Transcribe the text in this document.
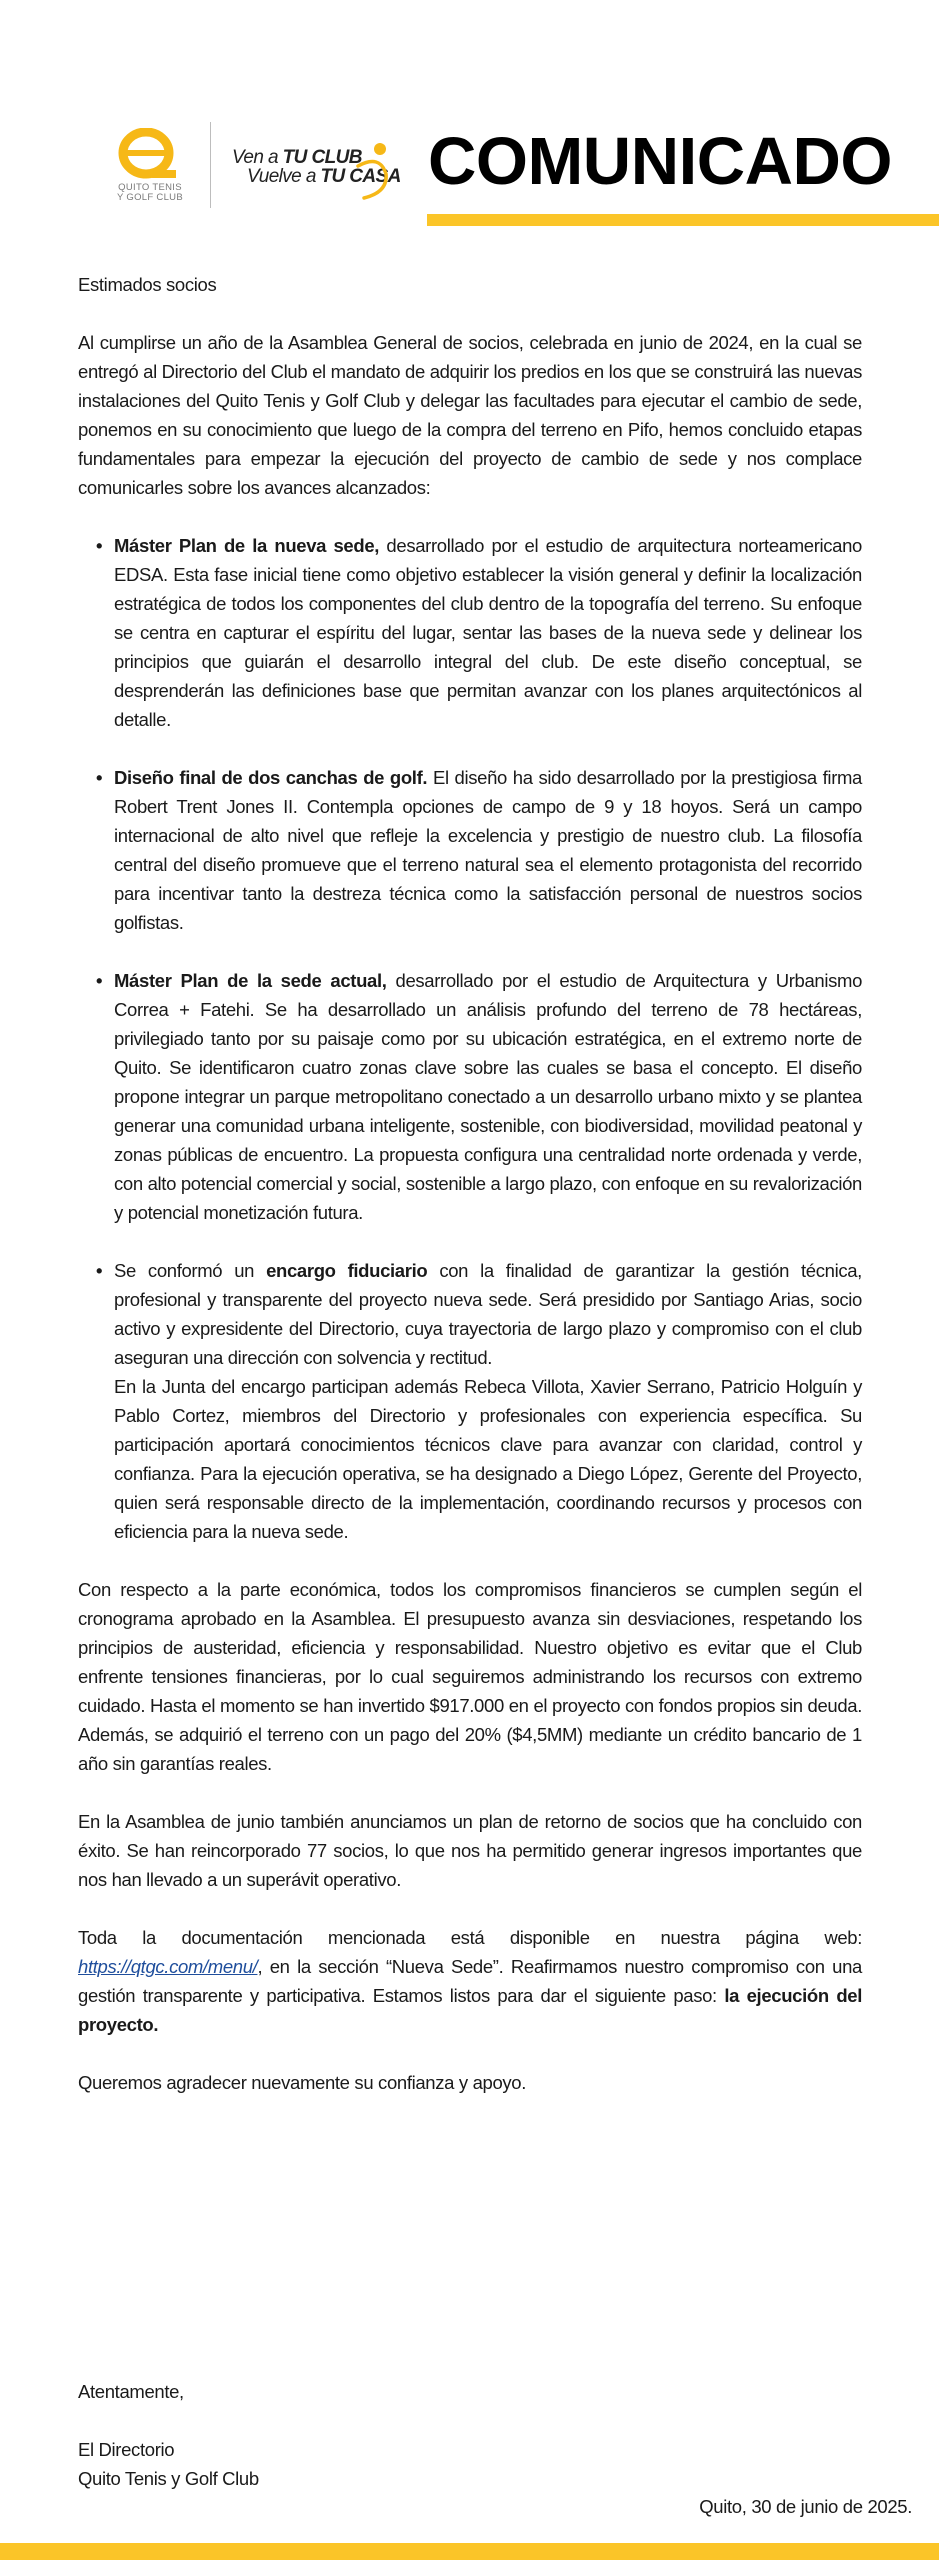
QUITO TENIS
Y GOLF CLUB
Ven a TU CLUB
Vuelve a TU CASA COMUNICADO

Estimados socios

Al cumplirse un año de la Asamblea General de socios, celebrada en junio de 2024, en la cual se entregó al Directorio del Club el mandato de adquirir los predios en los que se construirá las nuevas instalaciones del Quito Tenis y Golf Club y delegar las facultades para ejecutar el cambio de sede, ponemos en su conocimiento que luego de la compra del terreno en Pifo, hemos concluido etapas fundamentales para empezar la ejecución del proyecto de cambio de sede y nos complace comunicarles sobre los avances alcanzados:

• Máster Plan de la nueva sede, desarrollado por el estudio de arquitectura norteamericano EDSA. Esta fase inicial tiene como objetivo establecer la visión general y definir la localización estratégica de todos los componentes del club dentro de la topografía del terreno. Su enfoque se centra en capturar el espíritu del lugar, sentar las bases de la nueva sede y delinear los principios que guiarán el desarrollo integral del club. De este diseño conceptual, se desprenderán las definiciones base que permitan avanzar con los planes arquitectónicos al detalle.
• Diseño final de dos canchas de golf. El diseño ha sido desarrollado por la prestigiosa firma Robert Trent Jones II. Contempla opciones de campo de 9 y 18 hoyos. Será un campo internacional de alto nivel que refleje la excelencia y prestigio de nuestro club. La filosofía central del diseño promueve que el terreno natural sea el elemento protagonista del recorrido para incentivar tanto la destreza técnica como la satisfacción personal de nuestros socios golfistas.
• Máster Plan de la sede actual, desarrollado por el estudio de Arquitectura y Urbanismo Correa + Fatehi. Se ha desarrollado un análisis profundo del terreno de 78 hectáreas, privilegiado tanto por su paisaje como por su ubicación estratégica, en el extremo norte de Quito. Se identificaron cuatro zonas clave sobre las cuales se basa el concepto. El diseño propone integrar un parque metropolitano conectado a un desarrollo urbano mixto y se plantea generar una comunidad urbana inteligente, sostenible, con biodiversidad, movilidad peatonal y zonas públicas de encuentro. La propuesta configura una centralidad norte ordenada y verde, con alto potencial comercial y social, sostenible a largo plazo, con enfoque en su revalorización y potencial monetización futura.
• Se conformó un encargo fiduciario con la finalidad de garantizar la gestión técnica, profesional y transparente del proyecto nueva sede. Será presidido por Santiago Arias, socio activo y expresidente del Directorio, cuya trayectoria de largo plazo y compromiso con el club aseguran una dirección con solvencia y rectitud.
En la Junta del encargo participan además Rebeca Villota, Xavier Serrano, Patricio Holguín y Pablo Cortez, miembros del Directorio y profesionales con experiencia específica. Su participación aportará conocimientos técnicos clave para avanzar con claridad, control y confianza. Para la ejecución operativa, se ha designado a Diego López, Gerente del Proyecto, quien será responsable directo de la implementación, coordinando recursos y procesos con eficiencia para la nueva sede.

Con respecto a la parte económica, todos los compromisos financieros se cumplen según el cronograma aprobado en la Asamblea. El presupuesto avanza sin desviaciones, respetando los principios de austeridad, eficiencia y responsabilidad. Nuestro objetivo es evitar que el Club enfrente tensiones financieras, por lo cual seguiremos administrando los recursos con extremo cuidado. Hasta el momento se han invertido $917.000 en el proyecto con fondos propios sin deuda. Además, se adquirió el terreno con un pago del 20% ($4,5MM) mediante un crédito bancario de 1 año sin garantías reales.

En la Asamblea de junio también anunciamos un plan de retorno de socios que ha concluido con éxito. Se han reincorporado 77 socios, lo que nos ha permitido generar ingresos importantes que nos han llevado a un superávit operativo.

Toda la documentación mencionada está disponible en nuestra página web: https://qtgc.com/menu/, en la sección “Nueva Sede”. Reafirmamos nuestro compromiso con una gestión transparente y participativa. Estamos listos para dar el siguiente paso: la ejecución del proyecto.

Queremos agradecer nuevamente su confianza y apoyo.

Atentamente,
El Directorio
Quito Tenis y Golf Club
Quito, 30 de junio de 2025.
